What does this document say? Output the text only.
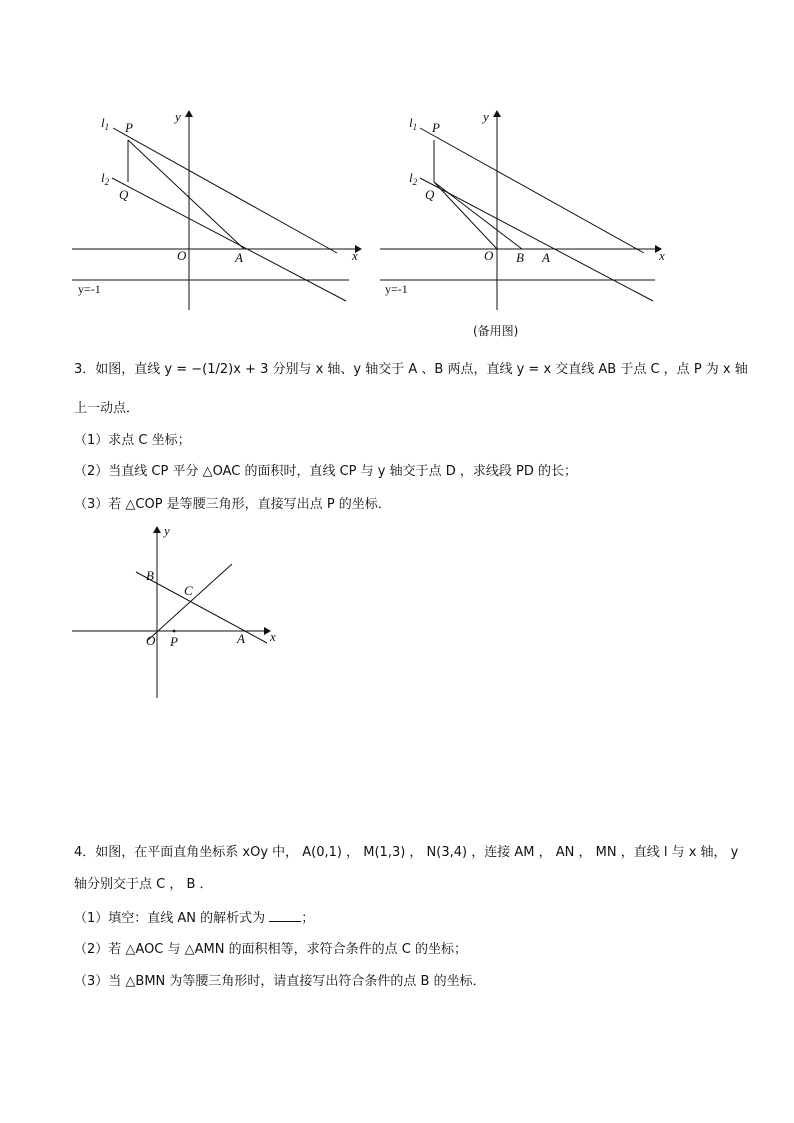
$l_1$
$l_2$
P
Q
y
x
O	A
y=-1
$l_1$
$l_2$
P
Q
y
x
O B A
y=-1
y
B
C
O P	A x
(备用图)
3．如图，直线 y = −(1/2)x + 3 分别与 x 轴、y 轴交于 A 、B 两点，直线 y = x 交直线 AB 于点 C ，点 P 为 x 轴
上一动点．
（1）求点 C 坐标；
（2）当直线 CP 平分 △OAC 的面积时，直线 CP 与 y 轴交于点 D ，求线段 PD 的长；
（3）若 △COP 是等腰三角形，直接写出点 P 的坐标．
4．如图，在平面直角坐标系 xOy 中， A(0,1) ， M(1,3) ， N(3,4) ，连接 AM ， AN ， MN ，直线 l 与 x 轴， y
轴分别交于点 C ， B ．
（1）填空：直线 AN 的解析式为 ；
（2）若 △AOC 与 △AMN 的面积相等，求符合条件的点 C 的坐标；
（3）当 △BMN 为等腰三角形时，请直接写出符合条件的点 B 的坐标．
